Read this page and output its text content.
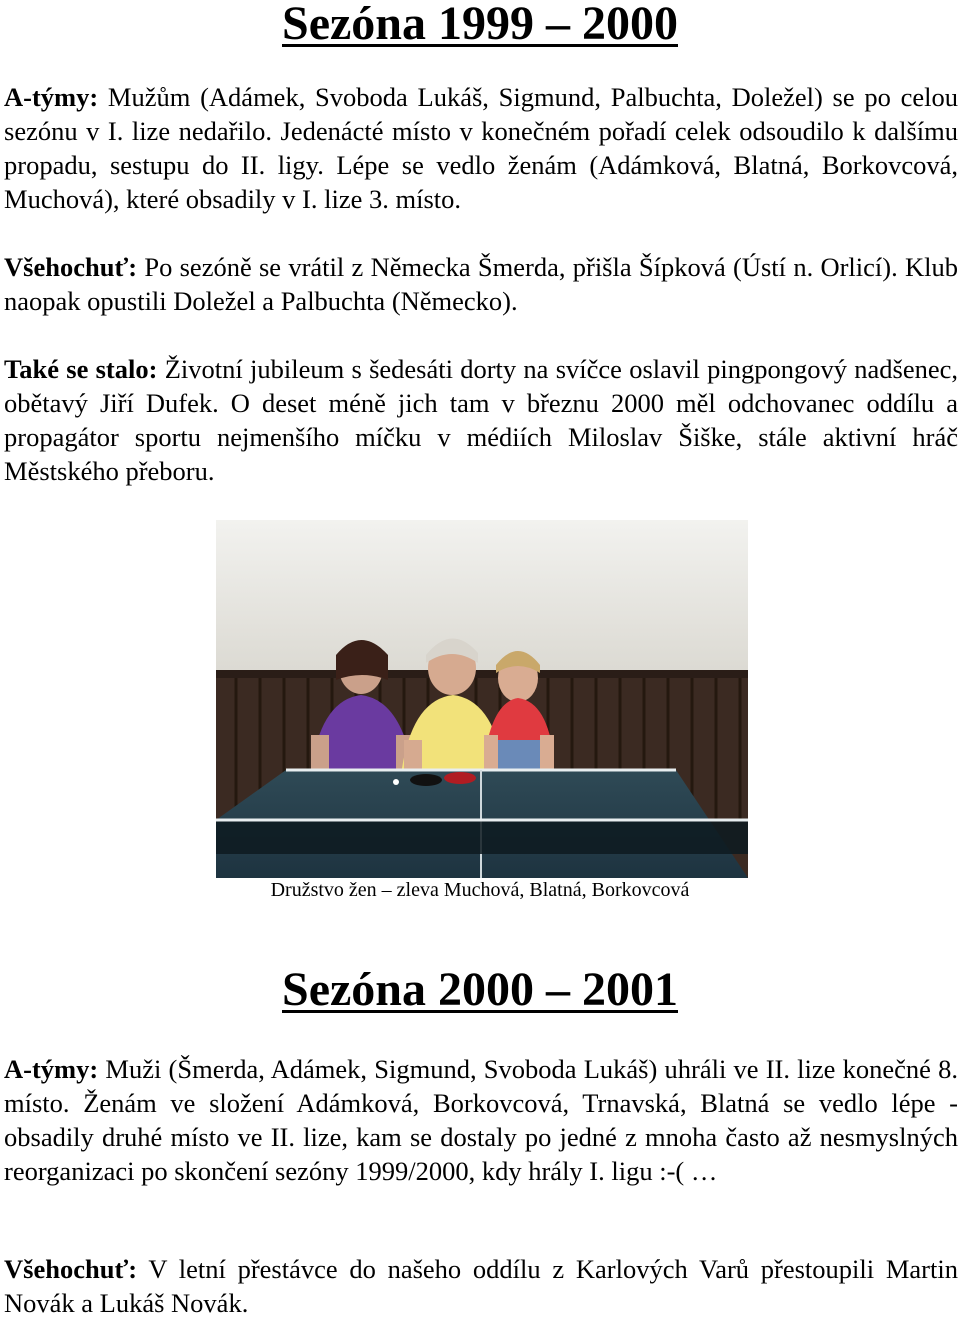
Sezóna 1999 – 2000

A-týmy: Mužům (Adámek, Svoboda Lukáš, Sigmund, Palbuchta, Doležel) se po celou sezónu v I. lize nedařilo. Jedenácté místo v konečném pořadí celek odsoudilo k dalšímu propadu, sestupu do II. ligy. Lépe se vedlo ženám (Adámková, Blatná, Borkovcová, Muchová), které obsadily v I. lize 3. místo.

Všehochuť: Po sezóně se vrátil z Německa Šmerda, přišla Šípková (Ústí n. Orlicí). Klub naopak opustili Doležel a Palbuchta (Německo).

Také se stalo: Životní jubileum s šedesáti dorty na svíčce oslavil pingpongový nadšenec, obětavý Jiří Dufek. O deset méně jich tam v březnu 2000 měl odchovanec oddílu a propagátor sportu nejmenšího míčku v médiích Miloslav Šiške, stále aktivní hráč Městského přeboru.

Družstvo žen – zleva Muchová, Blatná, Borkovcová
Sezóna 2000 – 2001

A-týmy: Muži (Šmerda, Adámek, Sigmund, Svoboda Lukáš) uhráli ve II. lize konečné 8. místo. Ženám ve složení Adámková, Borkovcová, Trnavská, Blatná se vedlo lépe - obsadily druhé místo ve II. lize, kam se dostaly po jedné z mnoha často až nesmyslných reorganizaci po skončení sezóny 1999/2000, kdy hrály I. ligu :-( …

Všehochuť: V letní přestávce do našeho oddílu z Karlových Varů přestoupili Martin Novák a Lukáš Novák.
